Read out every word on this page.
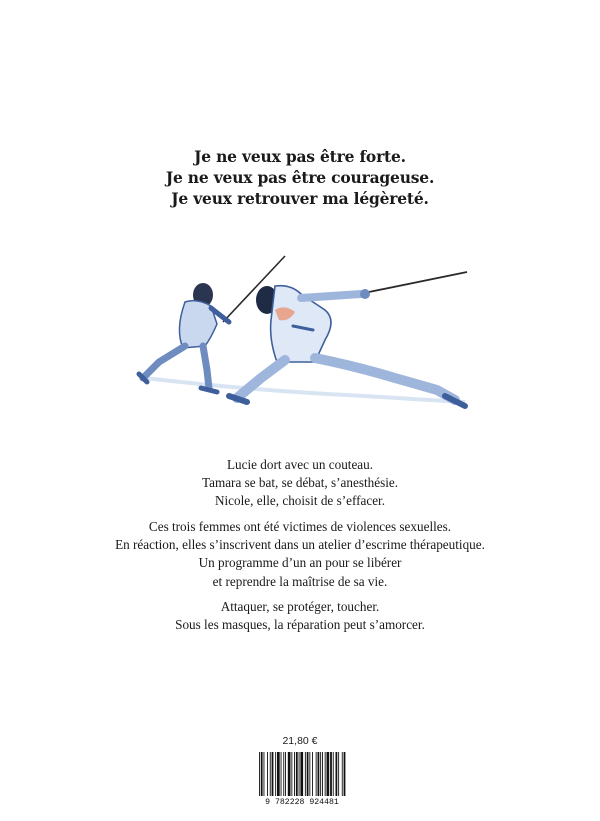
Je ne veux pas être forte.
Je ne veux pas être courageuse.
Je veux retrouver ma légèreté.
Lucie dort avec un couteau.
Tamara se bat, se débat, s’anesthésie.
Nicole, elle, choisit de s’effacer.
Ces trois femmes ont été victimes de violences sexuelles.
En réaction, elles s’inscrivent dans un atelier d’escrime thérapeutique.
Un programme d’un an pour se libérer
et reprendre la maîtrise de sa vie.
Attaquer, se protéger, toucher.
Sous les masques, la réparation peut s’amorcer.
21,80 €
9 782228 924481
